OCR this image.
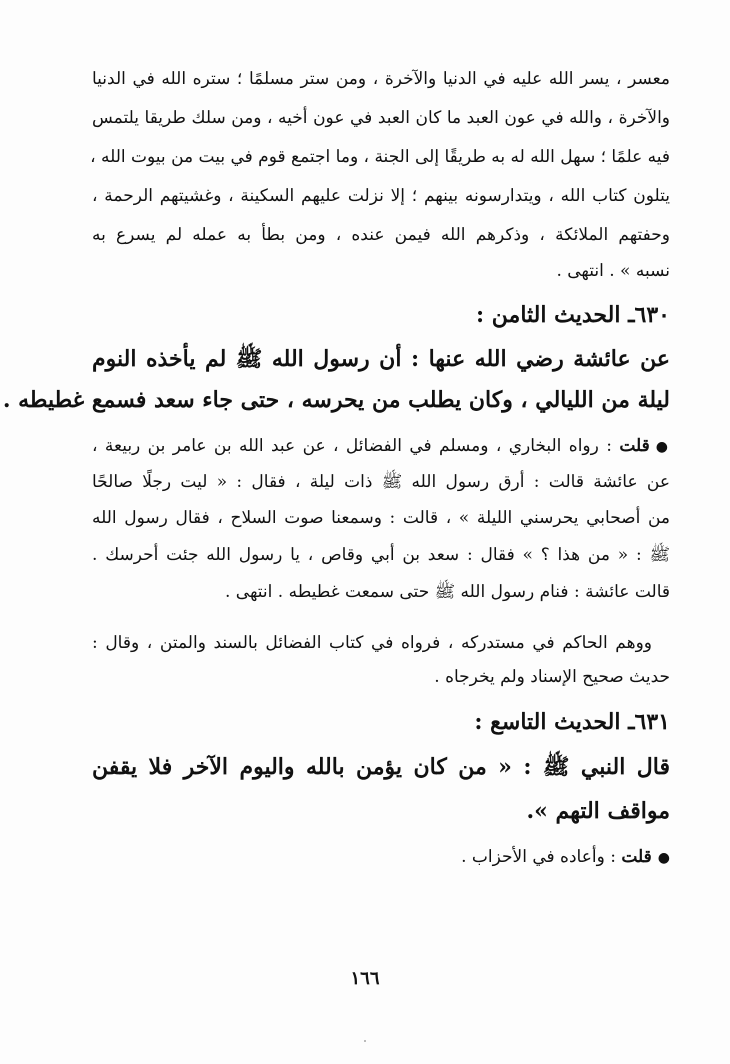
معسر ، يسر الله عليه في الدنيا والآخرة ، ومن ستر مسلمًا ؛ ستره الله في الدنيا
والآخرة ، والله في عون العبد ما كان العبد في عون أخيه ، ومن سلك طريقا يلتمس
فيه علمًا ؛ سهل الله له به طريقًا إلى الجنة ، وما اجتمع قوم في بيت من بيوت الله ،
يتلون كتاب الله ، ويتدارسونه بينهم ؛ إلا نزلت عليهم السكينة ، وغشيتهم الرحمة ،
وحفتهم الملائكة ، وذكرهم الله فيمن عنده ، ومن بطأ به عمله لم يسرع به
نسبه » . انتهى .
٦٣٠ـ الحديث الثامن :
عن عائشة رضي الله عنها : أن رسول الله ﷺ لم يأخذه النوم
ليلة من الليالي ، وكان يطلب من يحرسه ، حتى جاء سعد فسمع غطيطه .
●قلت : رواه البخاري ، ومسلم في الفضائل ، عن عبد الله بن عامر بن ربيعة ،
عن عائشة قالت : أرق رسول الله ﷺ ذات ليلة ، فقال : « ليت رجلًا صالحًا
من أصحابي يحرسني الليلة » ، قالت : وسمعنا صوت السلاح ، فقال رسول الله
ﷺ : « من هذا ؟ » فقال : سعد بن أبي وقاص ، يا رسول الله جئت أحرسك .
قالت عائشة : فنام رسول الله ﷺ حتى سمعت غطيطه . انتهى .
ووهم الحاكم في مستدركه ، فرواه في كتاب الفضائل بالسند والمتن ، وقال :
حديث صحيح الإسناد ولم يخرجاه .
٦٣١ـ الحديث التاسع :
قال النبي ﷺ : « من كان يؤمن بالله واليوم الآخر فلا يقفن
مواقف التهم ».
●قلت : وأعاده في الأحزاب .
١٦٦
